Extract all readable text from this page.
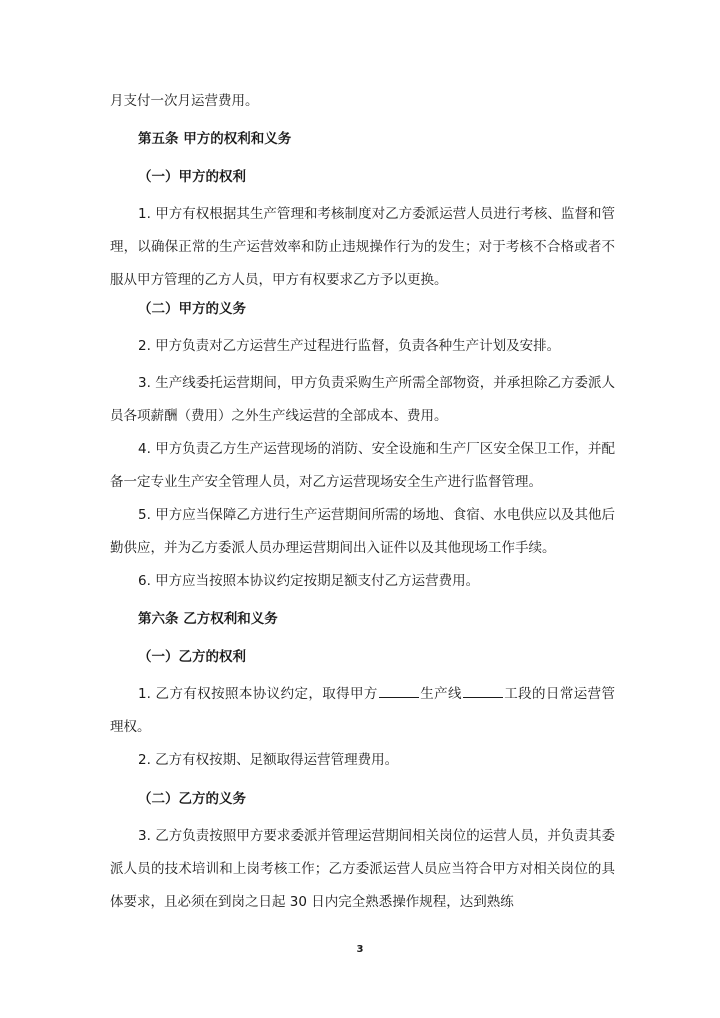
月支付一次月运营费用。

第五条 甲方的权利和义务

（一）甲方的权利

1. 甲方有权根据其生产管理和考核制度对乙方委派运营人员进行考核、监督和管理，以确保正常的生产运营效率和防止违规操作行为的发生；对于考核不合格或者不服从甲方管理的乙方人员，甲方有权要求乙方予以更换。

（二）甲方的义务

2. 甲方负责对乙方运营生产过程进行监督，负责各种生产计划及安排。

3. 生产线委托运营期间，甲方负责采购生产所需全部物资，并承担除乙方委派人员各项薪酬（费用）之外生产线运营的全部成本、费用。

4. 甲方负责乙方生产运营现场的消防、安全设施和生产厂区安全保卫工作，并配备一定专业生产安全管理人员，对乙方运营现场安全生产进行监督管理。

5. 甲方应当保障乙方进行生产运营期间所需的场地、食宿、水电供应以及其他后勤供应，并为乙方委派人员办理运营期间出入证件以及其他现场工作手续。

6. 甲方应当按照本协议约定按期足额支付乙方运营费用。

第六条 乙方权利和义务

（一）乙方的权利

1. 乙方有权按照本协议约定，取得甲方	生产线	工段的日常运营管理权。

2. 乙方有权按期、足额取得运营管理费用。

（二）乙方的义务

3. 乙方负责按照甲方要求委派并管理运营期间相关岗位的运营人员，并负责其委派人员的技术培训和上岗考核工作；乙方委派运营人员应当符合甲方对相关岗位的具体要求，且必须在到岗之日起 30 日内完全熟悉操作规程，达到熟练

3
